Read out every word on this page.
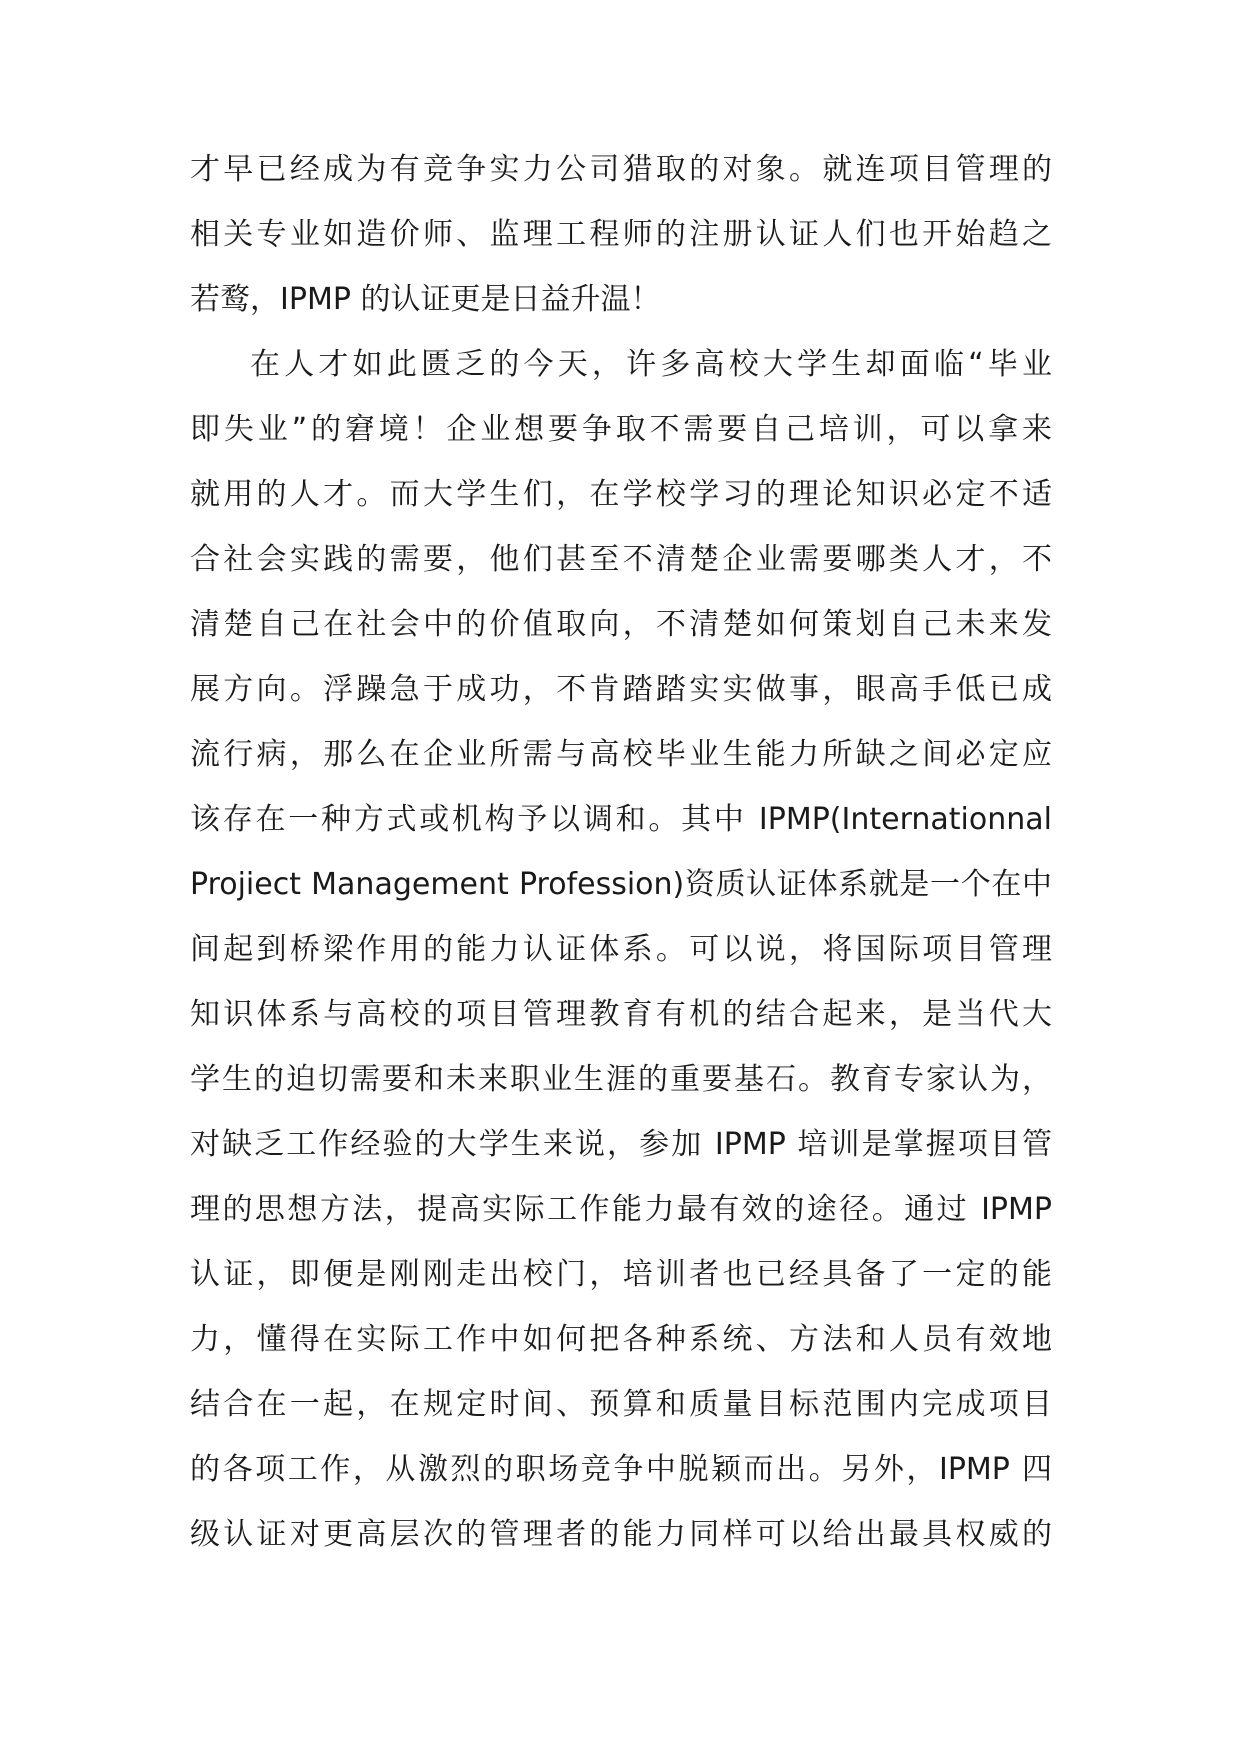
才早已经成为有竞争实力公司猎取的对象。就连项目管理的
相关专业如造价师、监理工程师的注册认证人们也开始趋之
若鹜，IPMP 的认证更是日益升温！
在人才如此匮乏的今天，许多高校大学生却面临“毕业
即失业”的窘境！企业想要争取不需要自己培训，可以拿来
就用的人才。而大学生们，在学校学习的理论知识必定不适
合社会实践的需要，他们甚至不清楚企业需要哪类人才，不
清楚自己在社会中的价值取向，不清楚如何策划自己未来发
展方向。浮躁急于成功，不肯踏踏实实做事，眼高手低已成
流行病，那么在企业所需与高校毕业生能力所缺之间必定应
该存在一种方式或机构予以调和。其中 IPMP(Internationnal
Projiect Management Profession)资质认证体系就是一个在中
间起到桥梁作用的能力认证体系。可以说，将国际项目管理
知识体系与高校的项目管理教育有机的结合起来，是当代大
学生的迫切需要和未来职业生涯的重要基石。教育专家认为，
对缺乏工作经验的大学生来说，参加 IPMP 培训是掌握项目管
理的思想方法，提高实际工作能力最有效的途径。通过 IPMP
认证，即便是刚刚走出校门，培训者也已经具备了一定的能
力，懂得在实际工作中如何把各种系统、方法和人员有效地
结合在一起，在规定时间、预算和质量目标范围内完成项目
的各项工作，从激烈的职场竞争中脱颖而出。另外，IPMP 四
级认证对更高层次的管理者的能力同样可以给出最具权威的
